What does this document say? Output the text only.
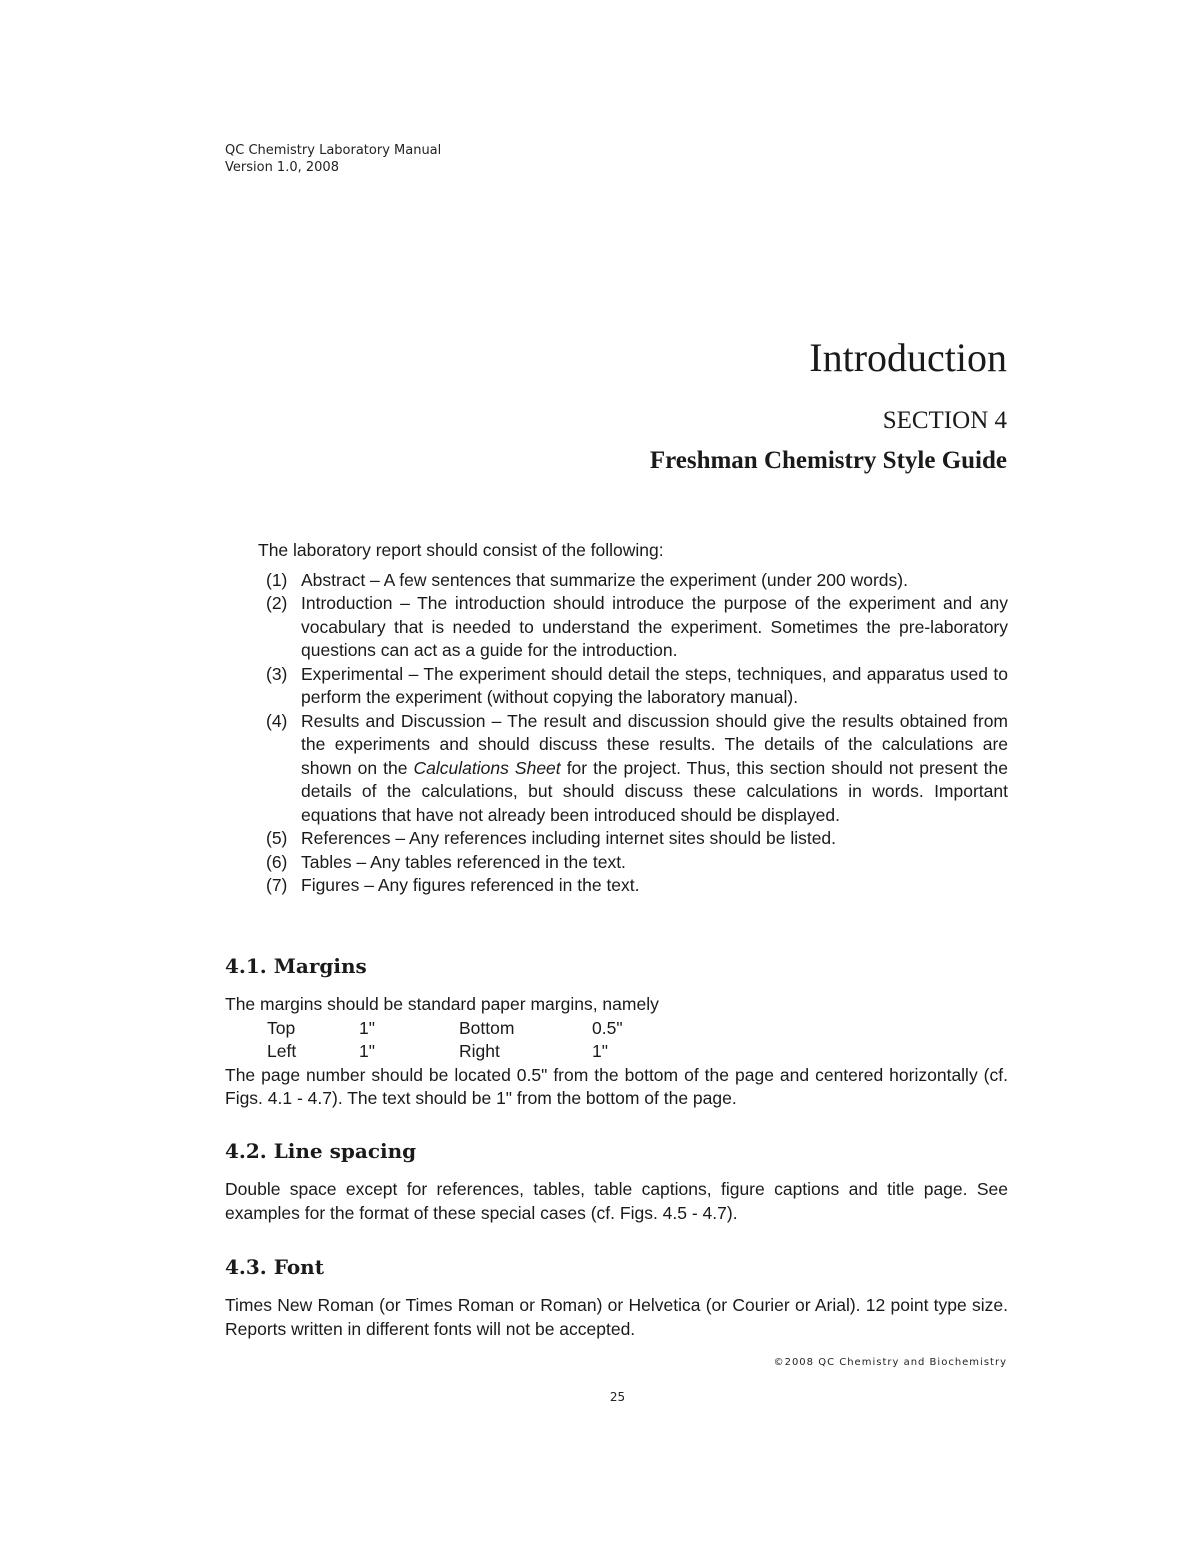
QC Chemistry Laboratory Manual
Version 1.0, 2008
Introduction
SECTION 4
Freshman Chemistry Style Guide
The laboratory report should consist of the following:
(1) Abstract – A few sentences that summarize the experiment (under 200 words).
(2) Introduction – The introduction should introduce the purpose of the experiment and any vocabulary that is needed to understand the experiment. Sometimes the pre-laboratory questions can act as a guide for the introduction.
(3) Experimental – The experiment should detail the steps, techniques, and apparatus used to perform the experiment (without copying the laboratory manual).
(4) Results and Discussion – The result and discussion should give the results obtained from the experiments and should discuss these results. The details of the calculations are shown on the Calculations Sheet for the project. Thus, this section should not present the details of the calculations, but should discuss these calculations in words. Important equations that have not already been introduced should be displayed.
(5) References – Any references including internet sites should be listed.
(6) Tables – Any tables referenced in the text.
(7) Figures – Any figures referenced in the text.
4.1. Margins

The margins should be standard paper margins, namely

Top	1"	Bottom	0.5"
Left	1"	Right	1"

The page number should be located 0.5" from the bottom of the page and centered horizontally (cf. Figs. 4.1 - 4.7). The text should be 1" from the bottom of the page.

4.2. Line spacing

Double space except for references, tables, table captions, figure captions and title page. See examples for the format of these special cases (cf. Figs. 4.5 - 4.7).

4.3. Font

Times New Roman (or Times Roman or Roman) or Helvetica (or Courier or Arial). 12 point type size. Reports written in different fonts will not be accepted.

©2008 QC Chemistry and Biochemistry
25
